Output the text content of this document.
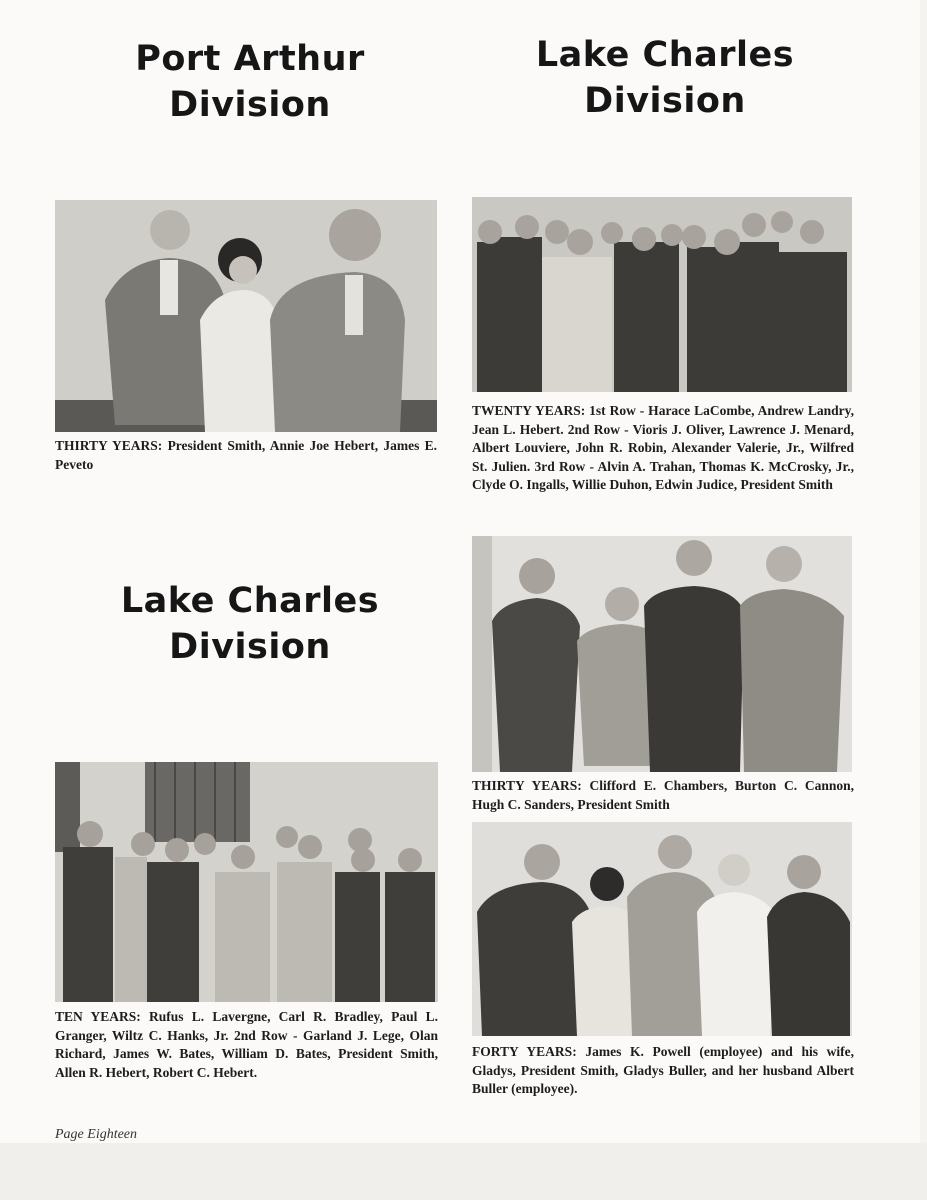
Port Arthur
Division
Lake Charles
Division
Lake Charles
Division
THIRTY YEARS: President Smith, Annie Joe Hebert, James E. Peveto
TWENTY YEARS: 1st Row - Harace LaCombe, Andrew Landry, Jean L. Hebert. 2nd Row - Vioris J. Oliver, Lawrence J. Menard, Albert Louviere, John R. Robin, Alexander Valerie, Jr., Wilfred St. Julien. 3rd Row - Alvin A. Trahan, Thomas K. McCrosky, Jr., Clyde O. Ingalls, Willie Duhon, Edwin Judice, President Smith
THIRTY YEARS: Clifford E. Chambers, Burton C. Cannon, Hugh C. Sanders, President Smith
FORTY YEARS: James K. Powell (employee) and his wife, Gladys, President Smith, Gladys Buller, and her husband Albert Buller (employee).
TEN YEARS: Rufus L. Lavergne, Carl R. Bradley, Paul L. Granger, Wiltz C. Hanks, Jr. 2nd Row - Garland J. Lege, Olan Richard, James W. Bates, William D. Bates, President Smith, Allen R. Hebert, Robert C. Hebert.
Page Eighteen
